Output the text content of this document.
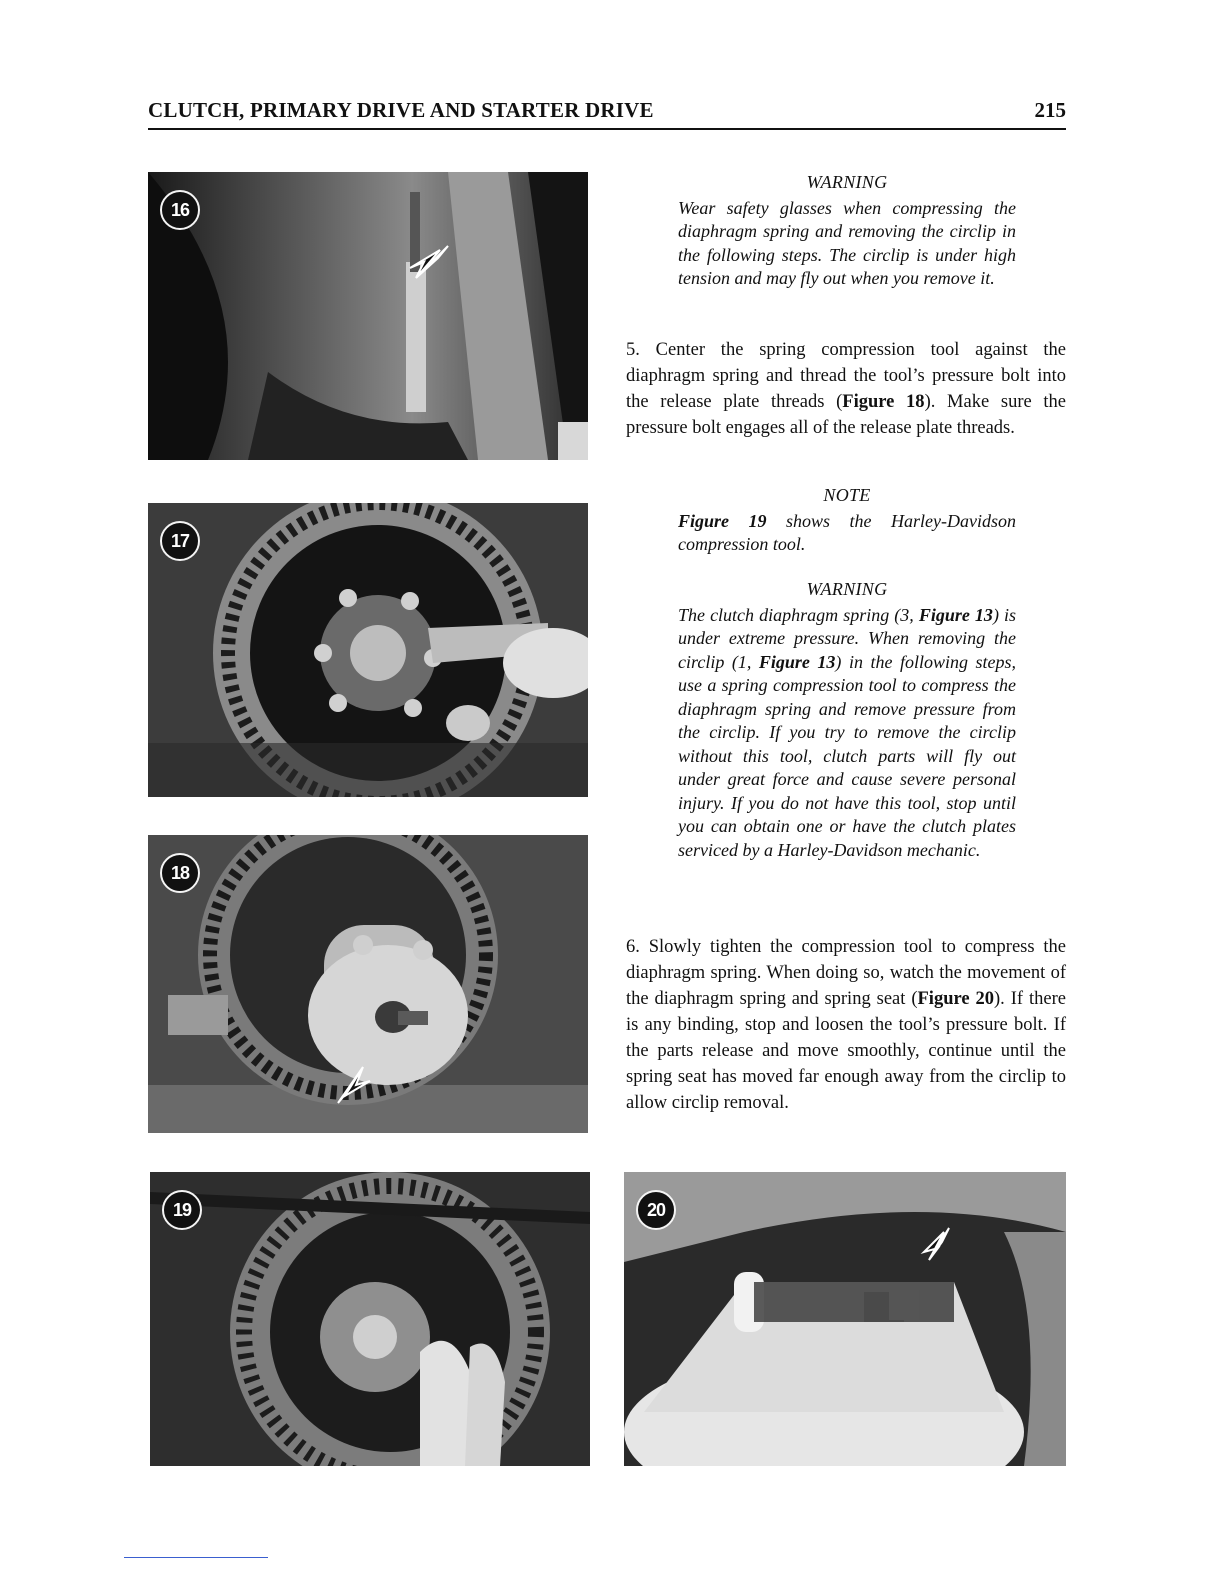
CLUTCH, PRIMARY DRIVE AND STARTER DRIVE	215
16
17
18
19	20
WARNING
Wear safety glasses when compressing the diaphragm spring and removing the circlip in the following steps. The circlip is under high tension and may fly out when you remove it.
5. Center the spring compression tool against the diaphragm spring and thread the tool’s pressure bolt into the release plate threads (Figure 18). Make sure the pressure bolt engages all of the release plate threads.
NOTE
Figure 19 shows the Harley-Davidson compression tool.
WARNING
The clutch diaphragm spring (3, Figure 13) is under extreme pressure. When removing the circlip (1, Figure 13) in the following steps, use a spring compression tool to compress the diaphragm spring and remove pressure from the circlip. If you try to remove the circlip without this tool, clutch parts will fly out under great force and cause severe personal injury. If you do not have this tool, stop until you can obtain one or have the clutch plates serviced by a Harley-Davidson mechanic.
6. Slowly tighten the compression tool to compress the diaphragm spring. When doing so, watch the movement of the diaphragm spring and spring seat (Figure 20). If there is any binding, stop and loosen the tool’s pressure bolt. If the parts release and move smoothly, continue until the spring seat has moved far enough away from the circlip to allow circlip removal.
